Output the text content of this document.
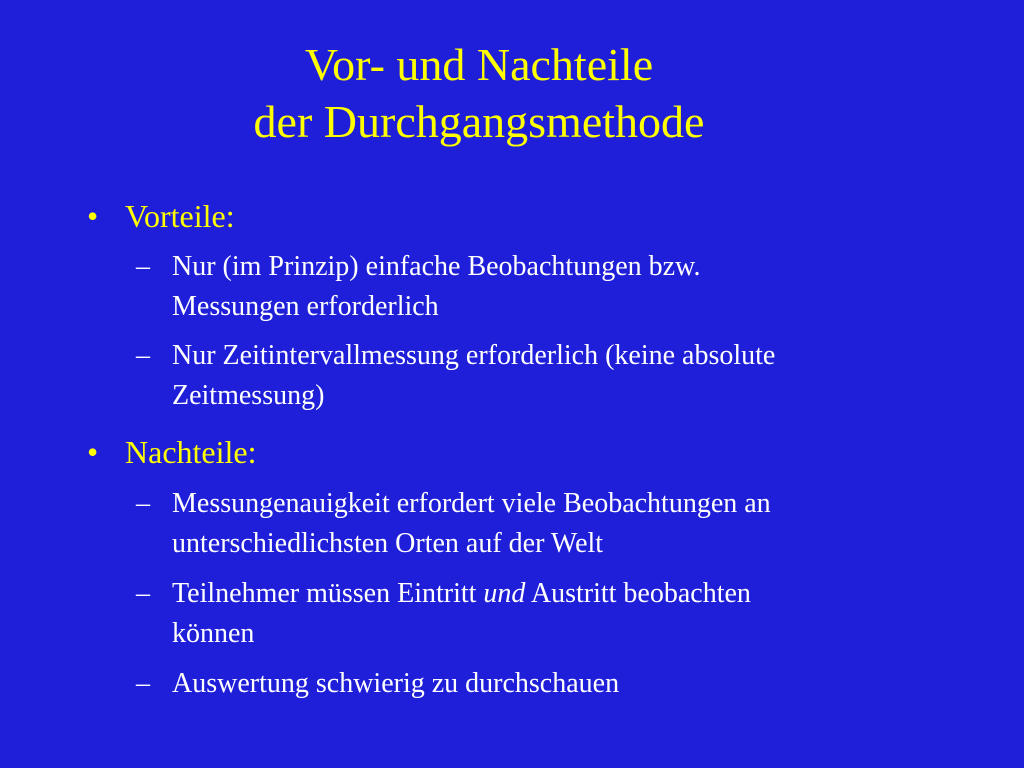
Vor- und Nachteile
der Durchgangsmethode

• Vorteile:

– Nur (im Prinzip) einfache Beobachtungen bzw.
Messungen erforderlich
– Nur Zeitintervallmessung erforderlich (keine absolute
Zeitmessung)

• Nachteile:

– Messungenauigkeit erfordert viele Beobachtungen an
unterschiedlichsten Orten auf der Welt
– Teilnehmer müssen Eintritt und Austritt beobachten
können
– Auswertung schwierig zu durchschauen
